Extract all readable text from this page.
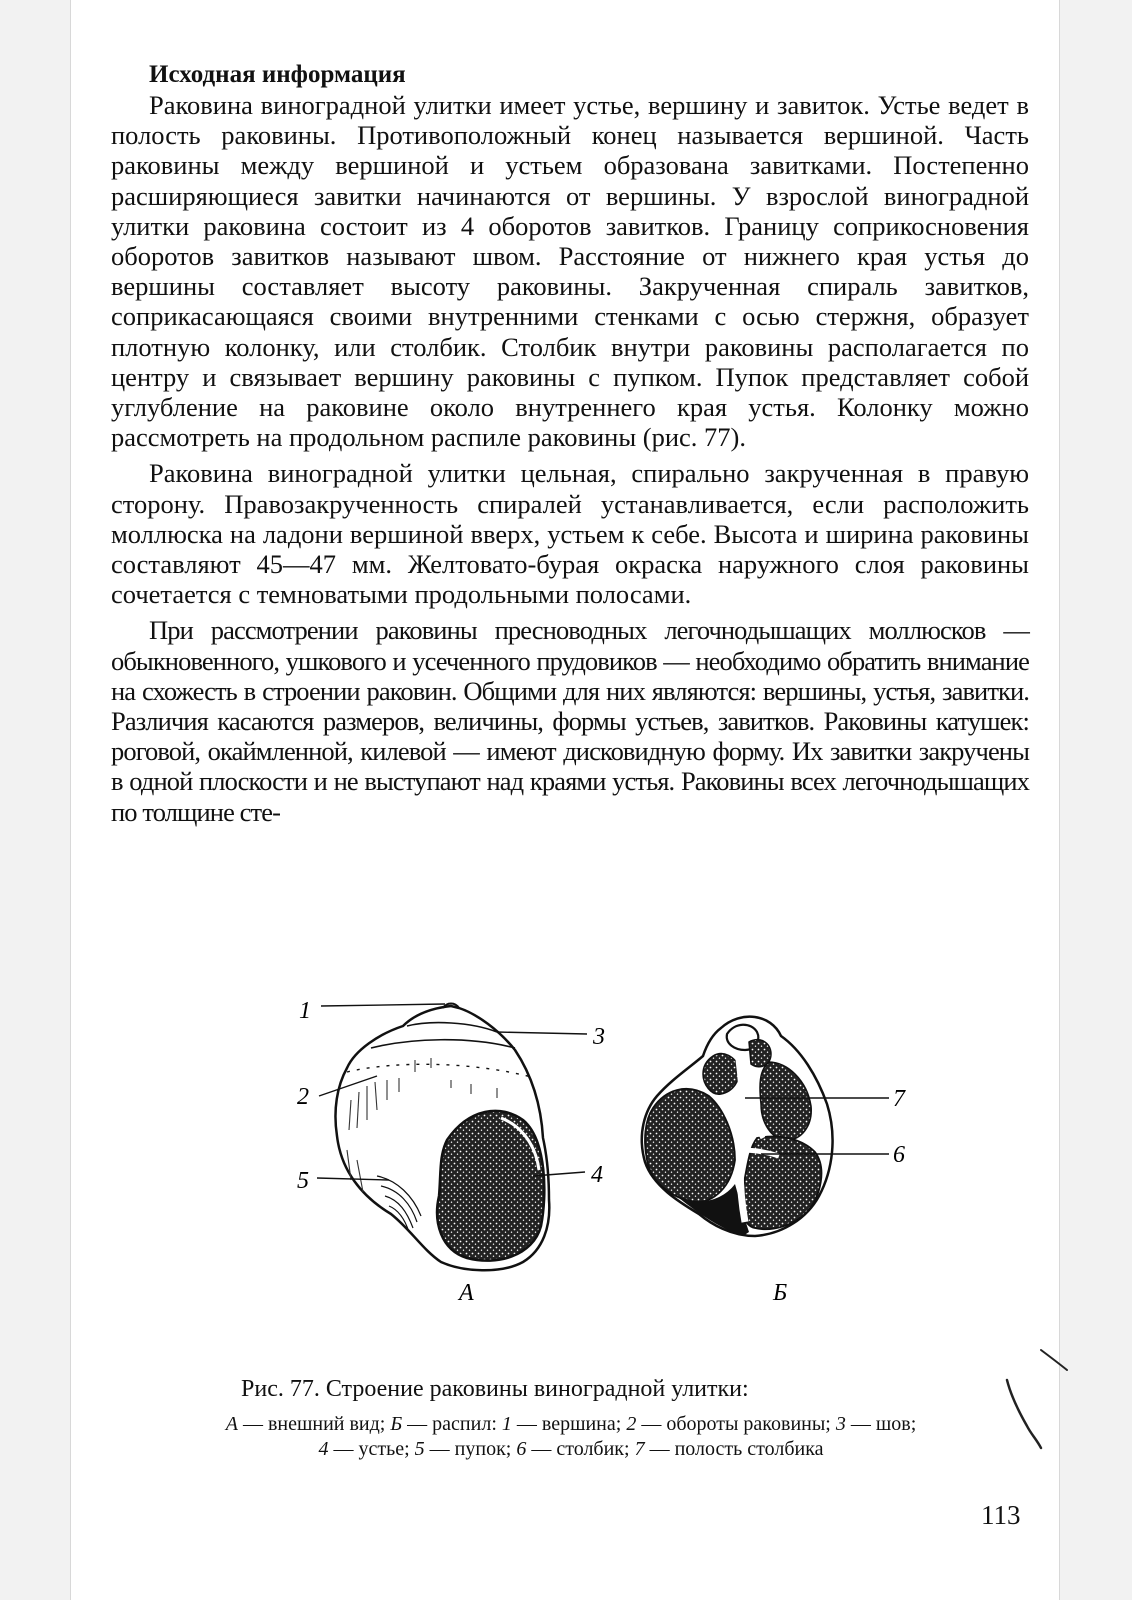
Исходная информация

Раковина виноградной улитки имеет устье, вершину и завиток. Устье ведет в полость раковины. Противоположный конец называется вершиной. Часть раковины между вершиной и устьем образована завитками. Постепенно расширяющиеся завитки начинаются от вершины. У взрослой виноградной улитки раковина состоит из 4 оборотов завитков. Границу соприкосновения оборотов завитков называют швом. Расстояние от нижнего края устья до вершины составляет высоту раковины. Закрученная спираль завитков, соприкасающаяся своими внутренними стенками с осью стержня, образует плотную колонку, или столбик. Столбик внутри раковины располагается по центру и связывает вершину раковины с пупком. Пупок представляет собой углубление на раковине около внутреннего края устья. Колонку можно рассмотреть на продольном распиле раковины (рис. 77).

Раковина виноградной улитки цельная, спирально закрученная в правую сторону. Правозакрученность спиралей устанавливается, если расположить моллюска на ладони вершиной вверх, устьем к себе. Высота и ширина раковины составляют 45—47 мм. Желтовато-бурая окраска наружного слоя раковины сочетается с темноватыми продольными полосами.

При рассмотрении раковины пресноводных легочнодышащих моллюсков — обыкновенного, ушкового и усеченного прудовиков — необходимо обратить внимание на схожесть в строении раковин. Общими для них являются: вершины, устья, завитки. Различия касаются размеров, величины, формы устьев, завитков. Раковины катушек: роговой, окаймленной, килевой — имеют дисковидную форму. Их завитки закручены в одной плоскости и не выступают над краями устья. Раковины всех легочнодышащих по толщине сте-

1
3
2
5	4
7
6
А	Б
Рис. 77. Строение раковины виноградной улитки:
А — внешний вид; Б — распил: 1 — вершина; 2 — обороты раковины; 3 — шов; 4 — устье; 5 — пупок; 6 — столбик; 7 — полость столбика
113
